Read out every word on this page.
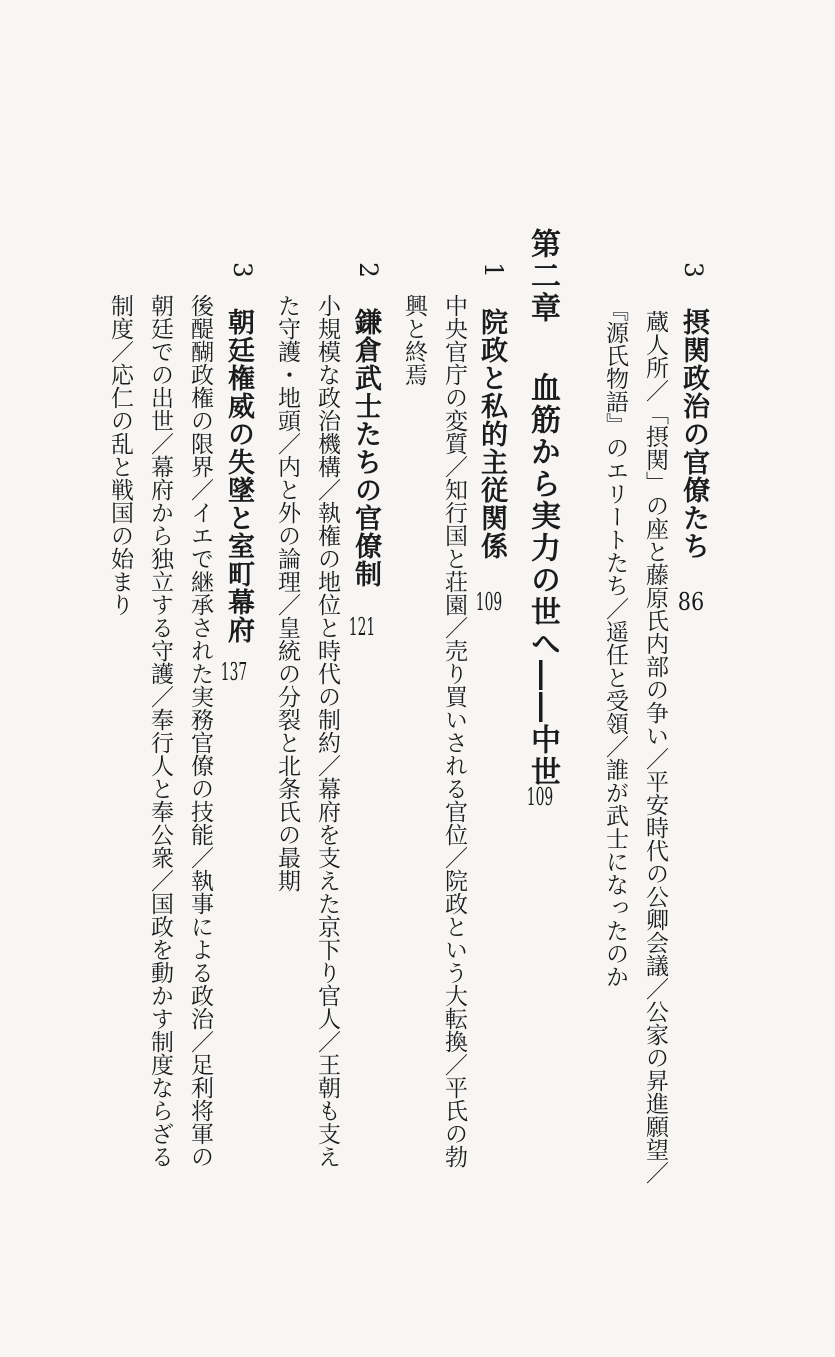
3
摂関政治の官僚たち
86
蔵人所／「摂関」の座と藤原氏内部の争い／平安時代の公卿会議／公家の昇進願望／
『源氏物語』のエリートたち／遥任と受領／誰が武士になったのか
第二章
血筋から実力の世へ――中世
109
1
院政と私的主従関係
109
中央官庁の変質／知行国と荘園／売り買いされる官位／院政という大転換／平氏の勃
興と終焉
2
鎌倉武士たちの官僚制
121
小規模な政治機構／執権の地位と時代の制約／幕府を支えた京下り官人／王朝も支え
た守護・地頭／内と外の論理／皇統の分裂と北条氏の最期
3
朝廷権威の失墜と室町幕府
137
後醍醐政権の限界／イエで継承された実務官僚の技能／執事による政治／足利将軍の
朝廷での出世／幕府から独立する守護／奉行人と奉公衆／国政を動かす制度ならざる
制度／応仁の乱と戦国の始まり
